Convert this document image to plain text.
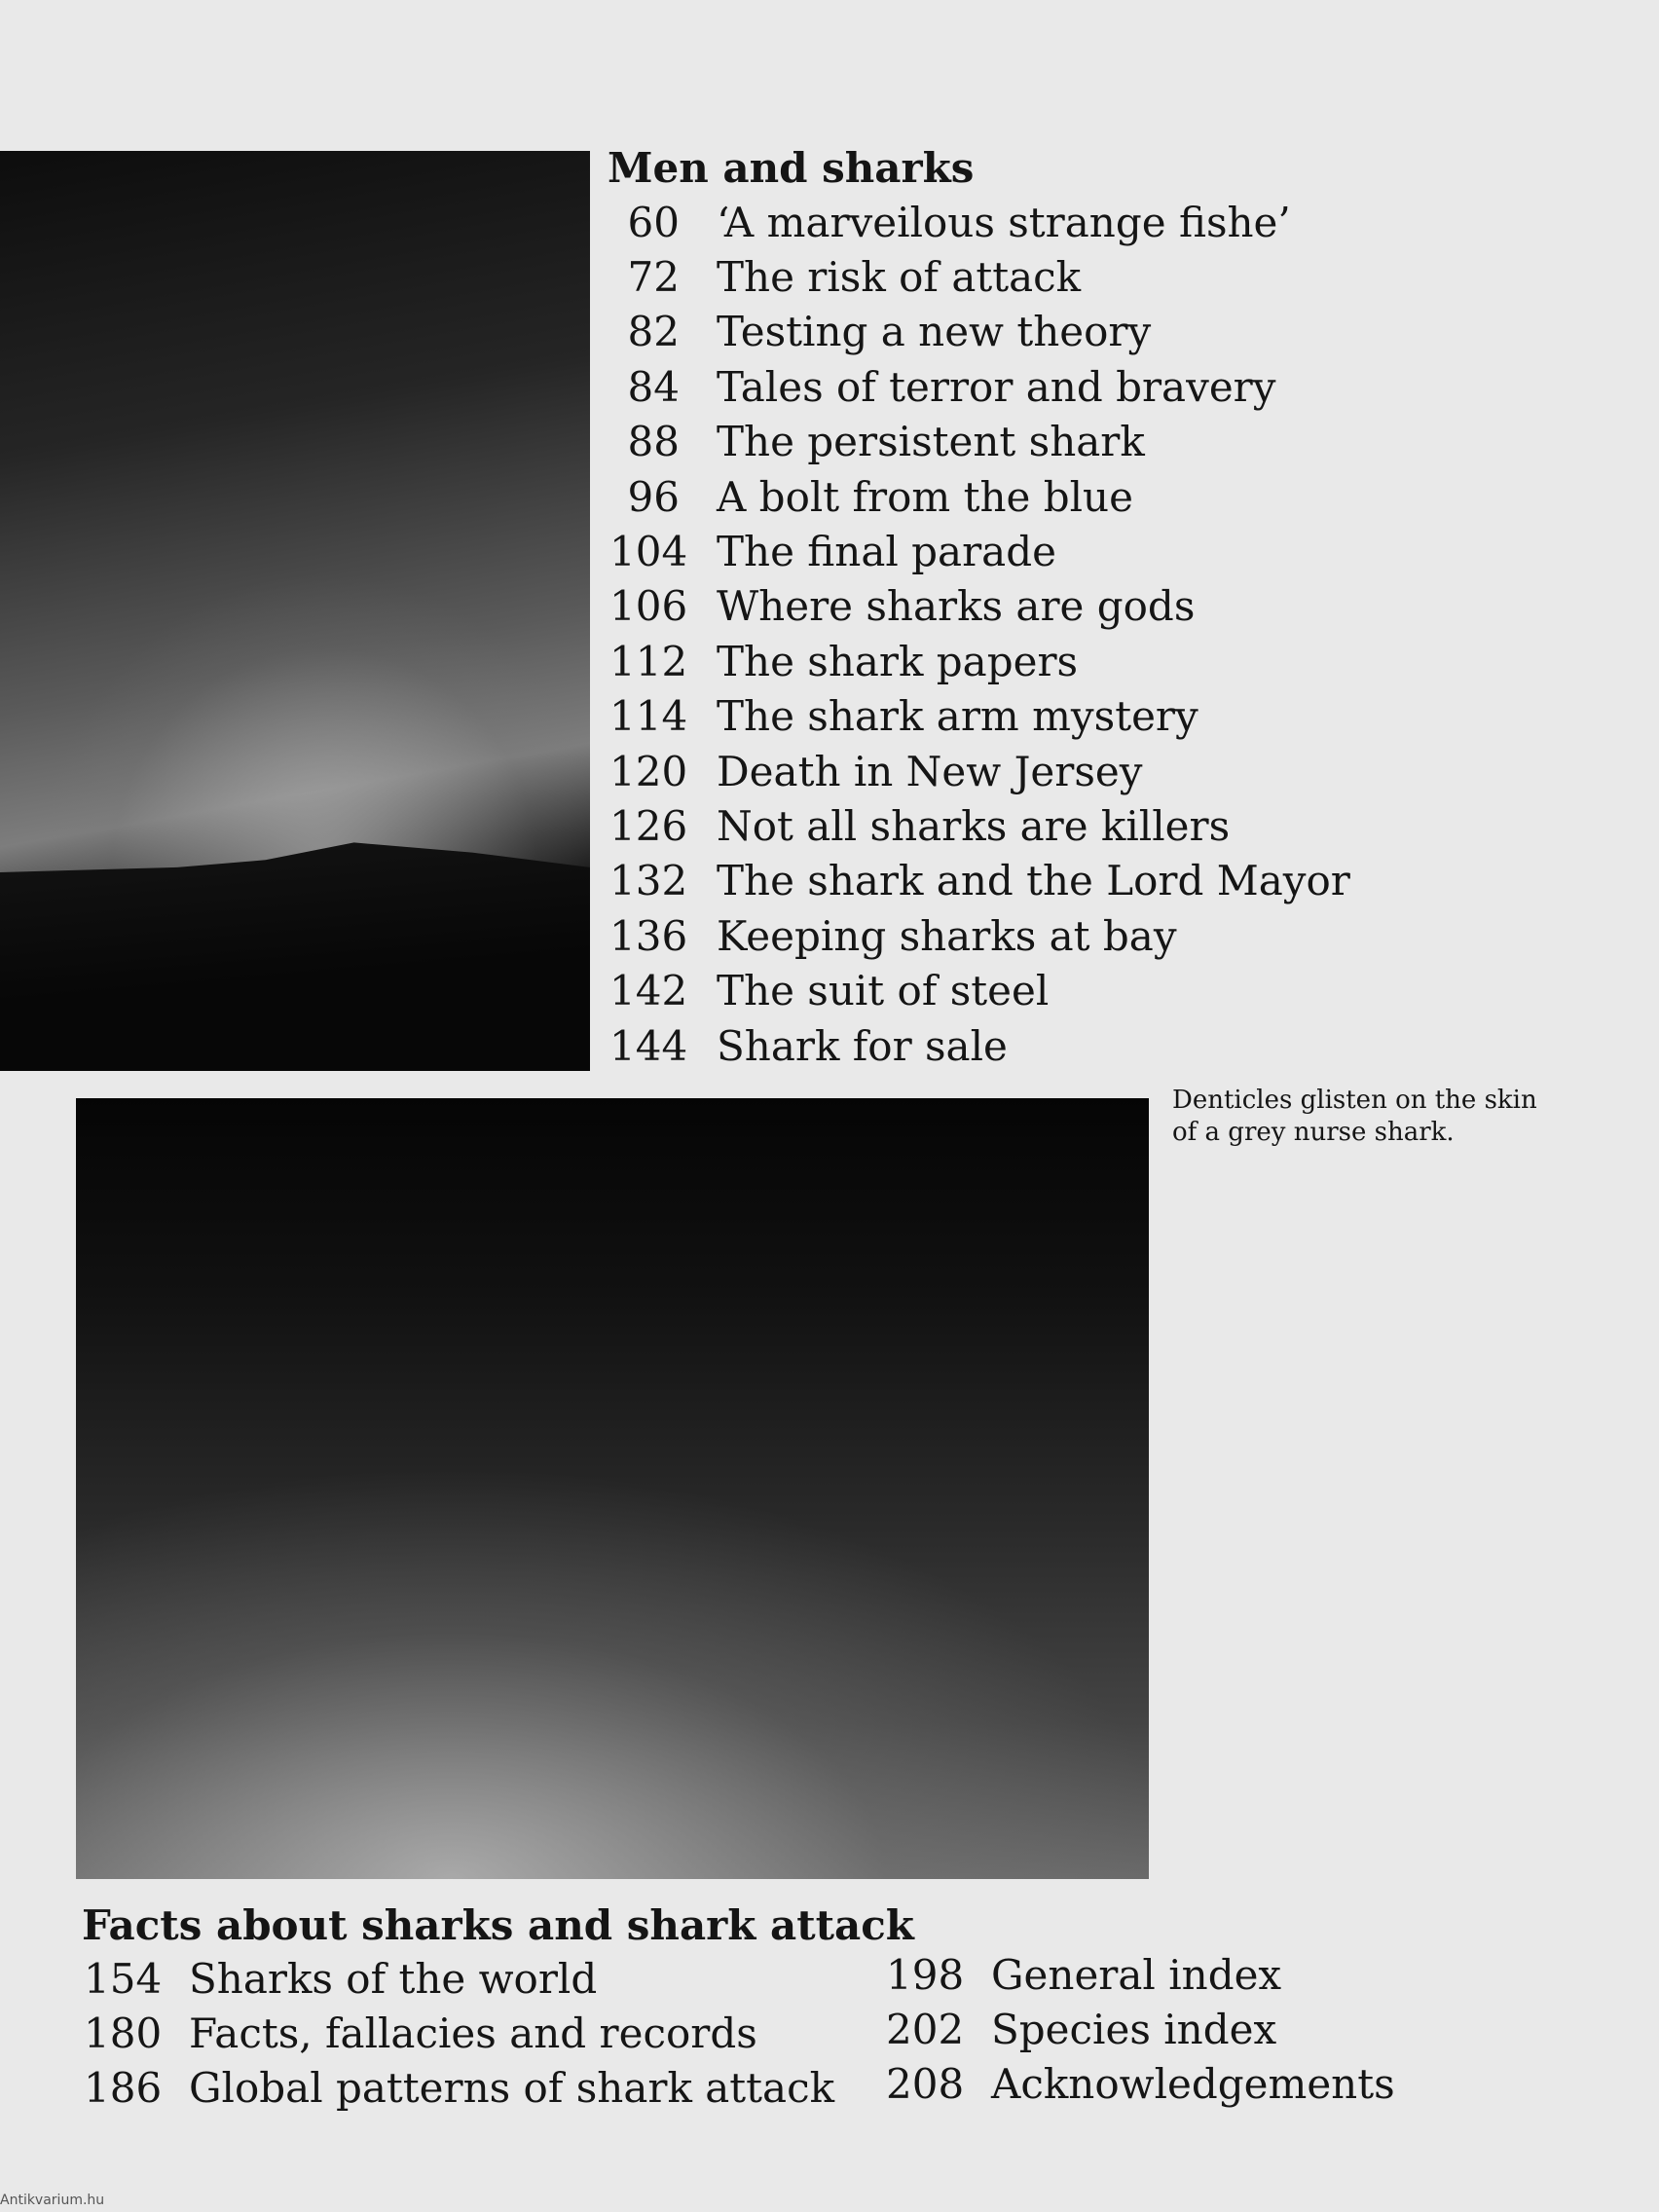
Men and sharks
60 ‘A marveilous strange fishe’
72 The risk of attack
82 Testing a new theory
84 Tales of terror and bravery
88 The persistent shark
96 A bolt from the blue
104 The final parade
106 Where sharks are gods
112 The shark papers
114 The shark arm mystery
120 Death in New Jersey
126 Not all sharks are killers
132 The shark and the Lord Mayor
136 Keeping sharks at bay
142 The suit of steel
144 Shark for sale

Denticles glisten on the skin
of a grey nurse shark.

Facts about sharks and shark attack
154 Sharks of the world
180 Facts, fallacies and records
186 Global patterns of shark attack
198 General index
202 Species index
208 Acknowledgements
Antikvarium.hu
